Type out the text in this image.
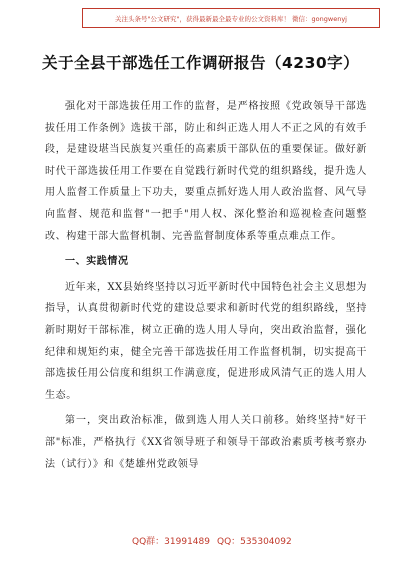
关注头条号"公文研究"，获得最新最全最专业的公文资料库！ 微信：gongwenyj
关于全县干部选任工作调研报告（4230字）

强化对干部选拔任用工作的监督，是严格按照《党政领导干部选拔任用工作条例》选拔干部，防止和纠正选人用人不正之风的有效手段，是建设堪当民族复兴重任的高素质干部队伍的重要保证。做好新时代干部选拔任用工作要在自觉践行新时代党的组织路线，提升选人用人监督工作质量上下功夫，要重点抓好选人用人政治监督、风气导向监督、规范和监督"一把手"用人权、深化整治和巡视检查问题整改、构建干部大监督机制、完善监督制度体系等重点难点工作。

一、实践情况

近年来，XX县始终坚持以习近平新时代中国特色社会主义思想为指导，认真贯彻新时代党的建设总要求和新时代党的组织路线，坚持新时期好干部标准，树立正确的选人用人导向，突出政治监督，强化纪律和规矩约束，健全完善干部选拔任用工作监督机制，切实提高干部选拔任用公信度和组织工作满意度，促进形成风清气正的选人用人生态。

第一，突出政治标准，做到选人用人关口前移。始终坚持"好干部"标准，严格执行《XX省领导班子和领导干部政治素质考核考察办法（试行）》和《楚雄州党政领导

QQ群：31991489 QQ：535304092
